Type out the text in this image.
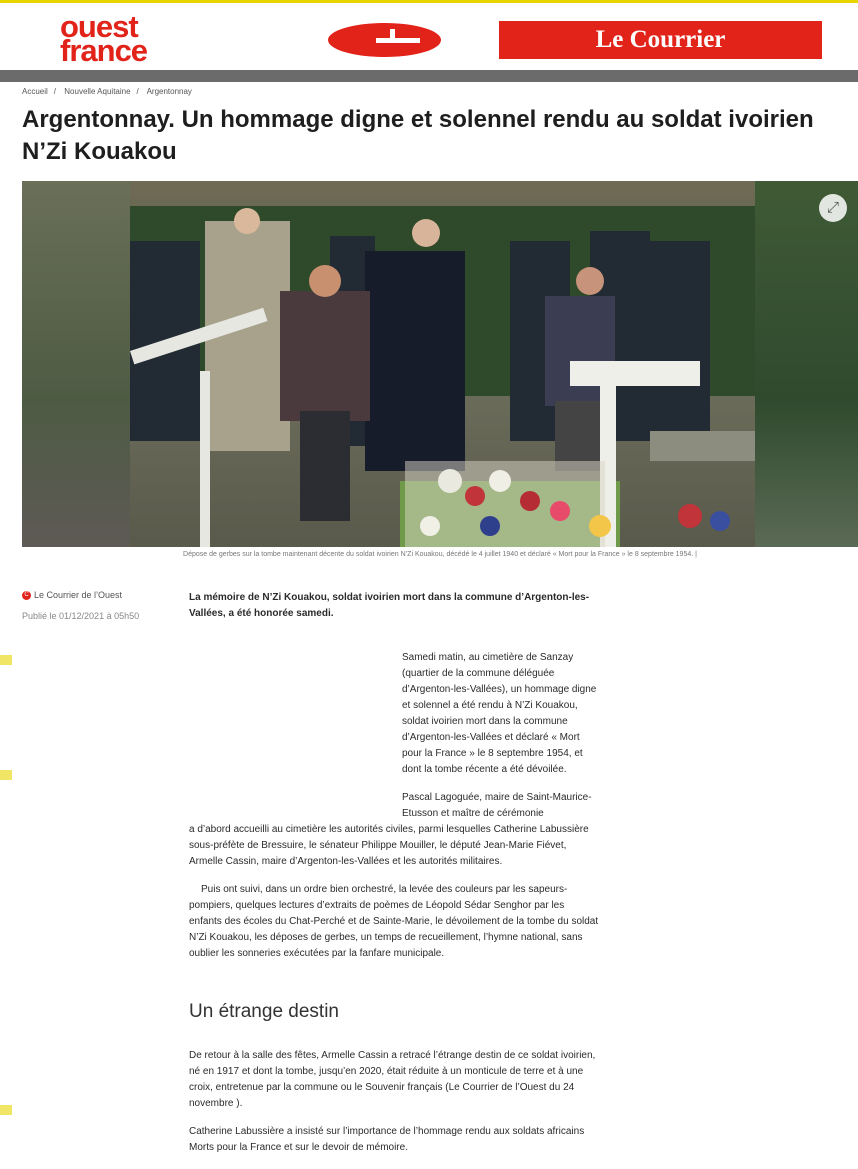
ouest france	Le Courrier
Accueil / Nouvelle Aquitaine / Argentonnay
Argentonnay. Un hommage digne et solennel rendu au soldat ivoirien N’Zi Kouakou
⤢
Dépose de gerbes sur la tombe maintenant décente du soldat ivoirien N’Zi Kouakou, décédé le 4 juillet 1940 et déclaré « Mort pour la France » le 8 septembre 1954. |
C Le Courrier de l’Ouest
Publié le 01/12/2021 à 05h50

La mémoire de N’Zi Kouakou, soldat ivoirien mort dans la commune d’Argenton-les-Vallées, a été honorée samedi.

Samedi matin, au cimetière de Sanzay (quartier de la commune déléguée d’Argenton-les-Vallées), un hommage digne et solennel a été rendu à N’Zi Kouakou, soldat ivoirien mort dans la commune d’Argenton-les-Vallées et déclaré « Mort pour la France » le 8 septembre 1954, et dont la tombe récente a été dévoilée.

Pascal Lagoguée, maire de Saint-Maurice-Etusson et maître de cérémonie

a d’abord accueilli au cimetière les autorités civiles, parmi lesquelles Catherine Labussière sous-préfète de Bressuire, le sénateur Philippe Mouiller, le député Jean-Marie Fiévet, Armelle Cassin, maire d’Argenton-les-Vallées et les autorités militaires.

Puis ont suivi, dans un ordre bien orchestré, la levée des couleurs par les sapeurs-pompiers, quelques lectures d’extraits de poèmes de Léopold Sédar Senghor par les enfants des écoles du Chat-Perché et de Sainte-Marie, le dévoilement de la tombe du soldat N’Zi Kouakou, les déposes de gerbes, un temps de recueillement, l’hymne national, sans oublier les sonneries exécutées par la fanfare municipale.

Un étrange destin

De retour à la salle des fêtes, Armelle Cassin a retracé l’étrange destin de ce soldat ivoirien, né en 1917 et dont la tombe, jusqu’en 2020, était réduite à un monticule de terre et à une croix, entretenue par la commune ou le Souvenir français (Le Courrier de l’Ouest du 24 novembre ).

Catherine Labussière a insisté sur l’importance de l’hommage rendu aux soldats africains Morts pour la France et sur le devoir de mémoire.
